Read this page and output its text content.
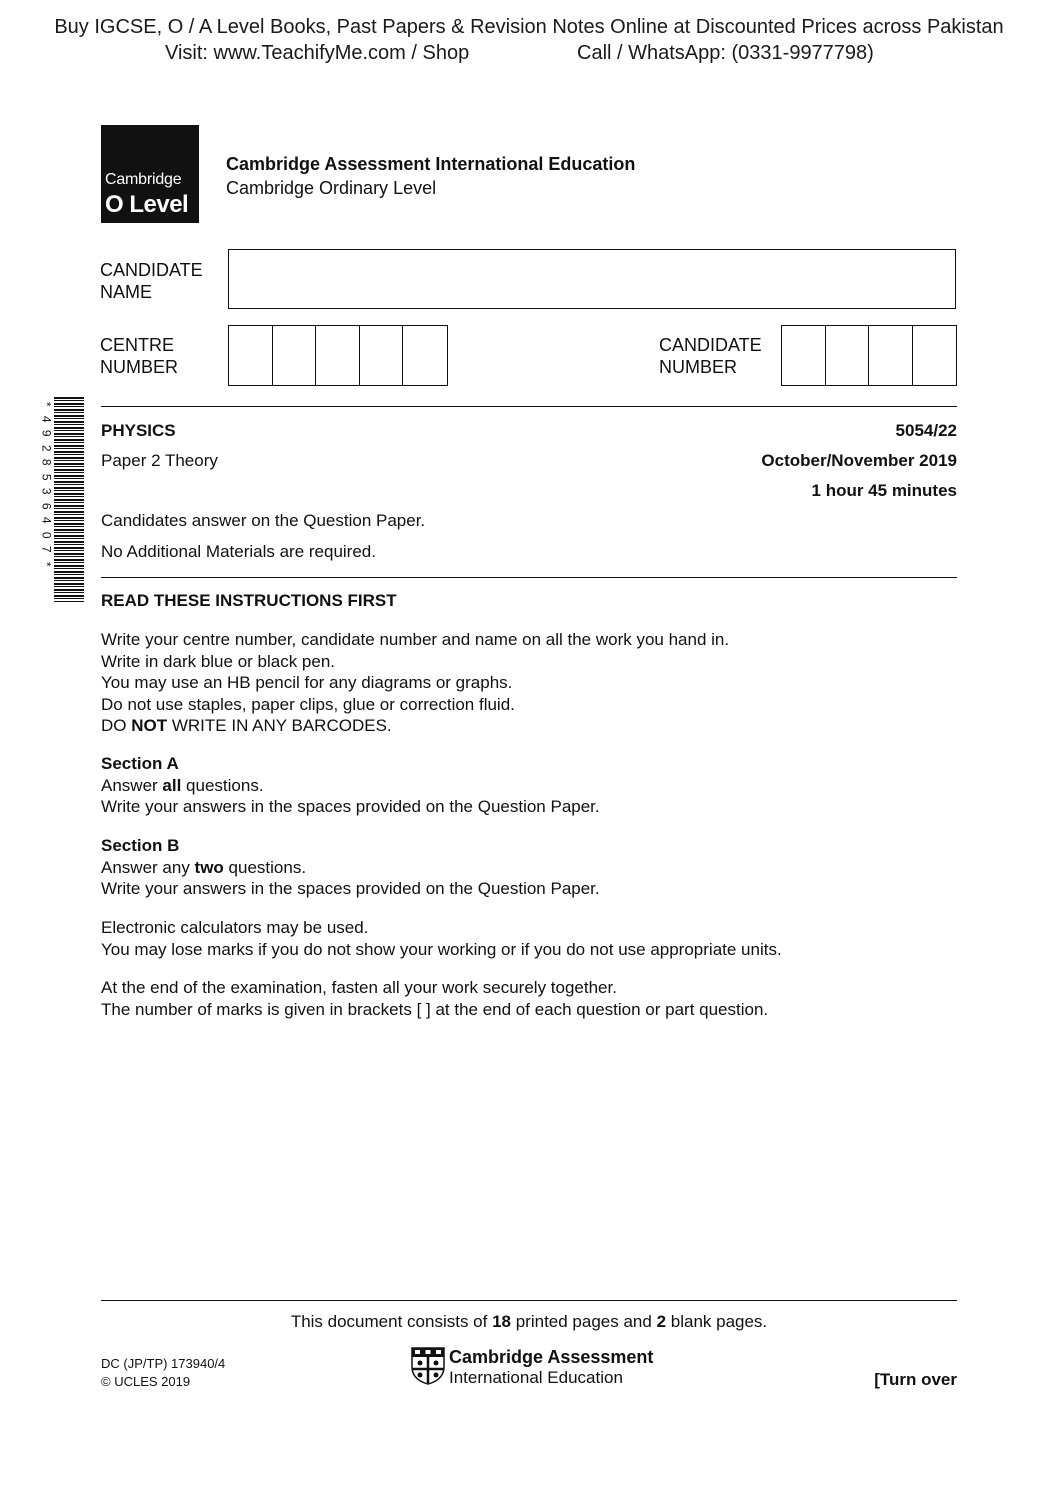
Buy IGCSE, O / A Level Books, Past Papers & Revision Notes Online at Discounted Prices across Pakistan
Visit: www.TeachifyMe.com / Shop	Call / WhatsApp: (0331-9977798)
Cambridge
O Level
Cambridge Assessment International Education
Cambridge Ordinary Level
CANDIDATE
NAME
CENTRE
NUMBER
CANDIDATE
NUMBER
*
4
9
2
8
5
3
6
4
0
7
*
PHYSICS	5054/22
Paper 2 Theory	October/November 2019
1 hour 45 minutes
Candidates answer on the Question Paper.
No Additional Materials are required.
READ THESE INSTRUCTIONS FIRST

Write your centre number, candidate number and name on all the work you hand in.

Write in dark blue or black pen.

You may use an HB pencil for any diagrams or graphs.

Do not use staples, paper clips, glue or correction fluid.

DO NOT WRITE IN ANY BARCODES.

Section A

Answer all questions.

Write your answers in the spaces provided on the Question Paper.

Section B

Answer any two questions.

Write your answers in the spaces provided on the Question Paper.

Electronic calculators may be used.

You may lose marks if you do not show your working or if you do not use appropriate units.

At the end of the examination, fasten all your work securely together.

The number of marks is given in brackets [ ] at the end of each question or part question.

This document consists of 18 printed pages and 2 blank pages.
DC (JP/TP) 173940/4
© UCLES 2019
Cambridge Assessment
International Education	[Turn over
